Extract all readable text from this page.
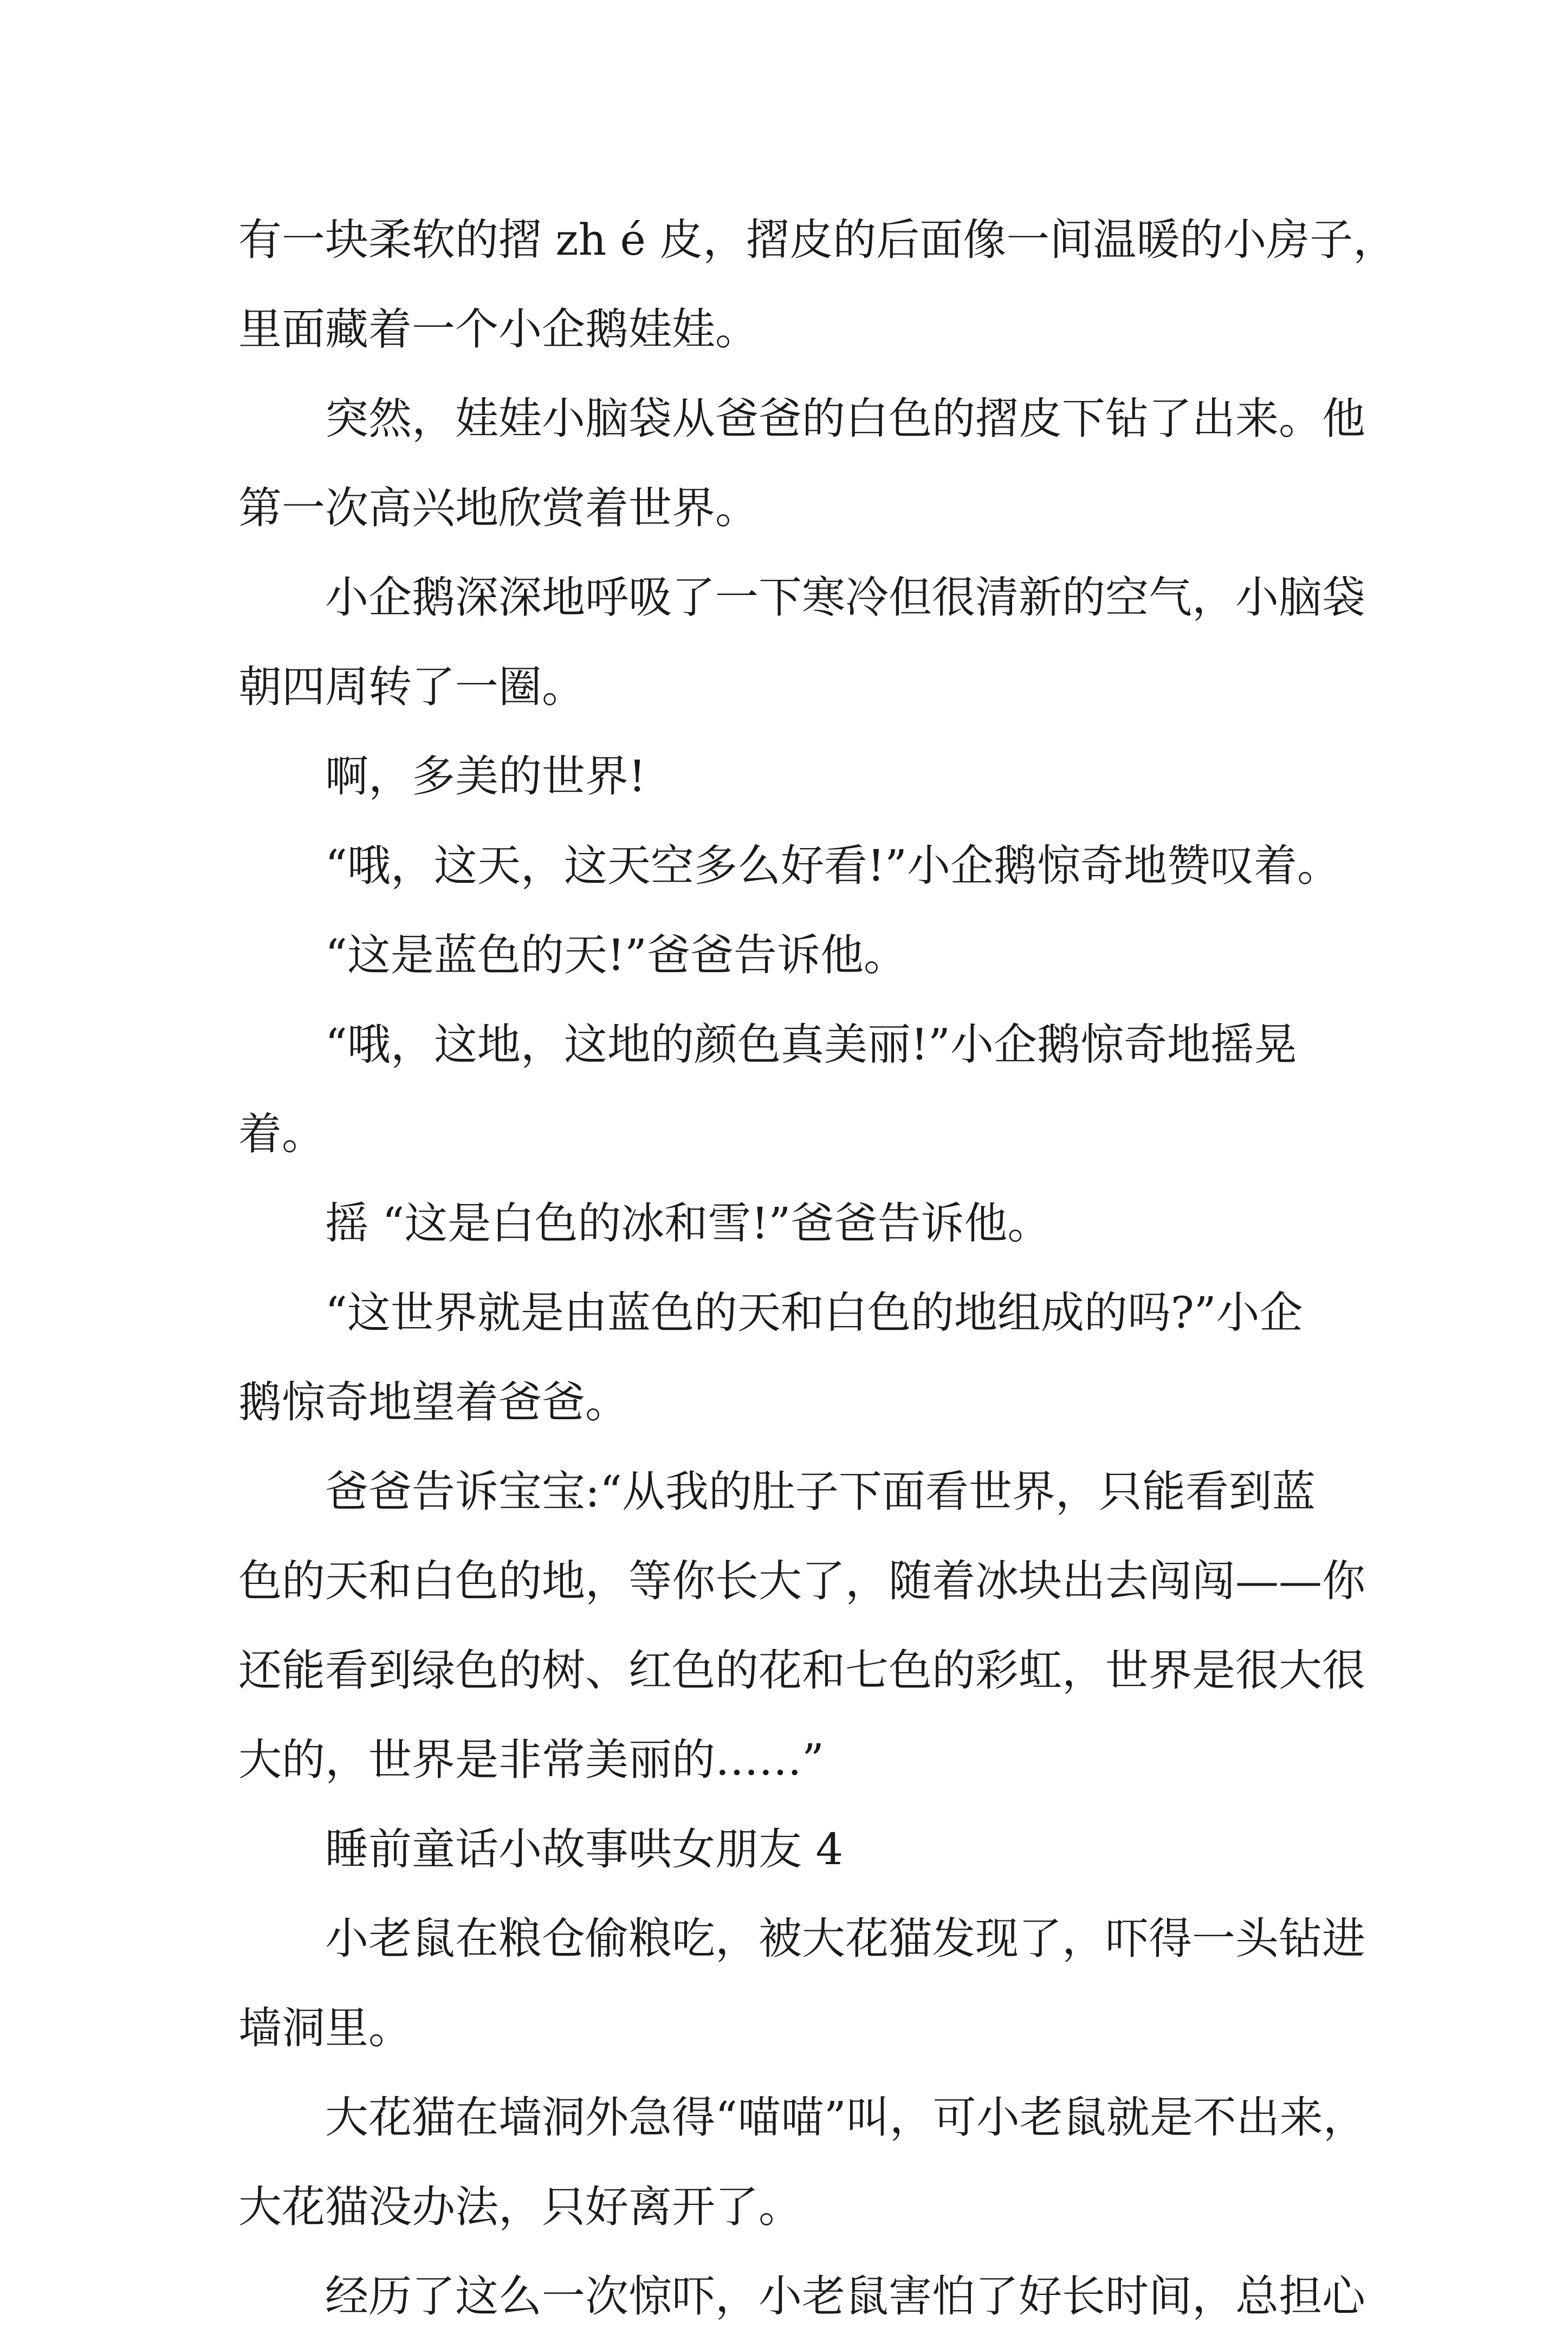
有一块柔软的摺 zh é 皮，摺皮的后面像一间温暖的小房子，
里面藏着一个小企鹅娃娃。
突然，娃娃小脑袋从爸爸的白色的摺皮下钻了出来。他
第一次高兴地欣赏着世界。
小企鹅深深地呼吸了一下寒冷但很清新的空气，小脑袋
朝四周转了一圈。
啊，多美的世界!
“哦，这天，这天空多么好看!”小企鹅惊奇地赞叹着。
“这是蓝色的天!”爸爸告诉他。
“哦，这地，这地的颜色真美丽!”小企鹅惊奇地摇晃
着。
摇 “这是白色的冰和雪!”爸爸告诉他。
“这世界就是由蓝色的天和白色的地组成的吗?”小企
鹅惊奇地望着爸爸。
爸爸告诉宝宝:“从我的肚子下面看世界，只能看到蓝
色的天和白色的地，等你长大了，随着冰块出去闯闯——你
还能看到绿色的树、红色的花和七色的彩虹，世界是很大很
大的，世界是非常美丽的……”
睡前童话小故事哄女朋友 4
小老鼠在粮仓偷粮吃，被大花猫发现了，吓得一头钻进
墙洞里。
大花猫在墙洞外急得“喵喵”叫，可小老鼠就是不出来，
大花猫没办法，只好离开了。
经历了这么一次惊吓，小老鼠害怕了好长时间，总担心
